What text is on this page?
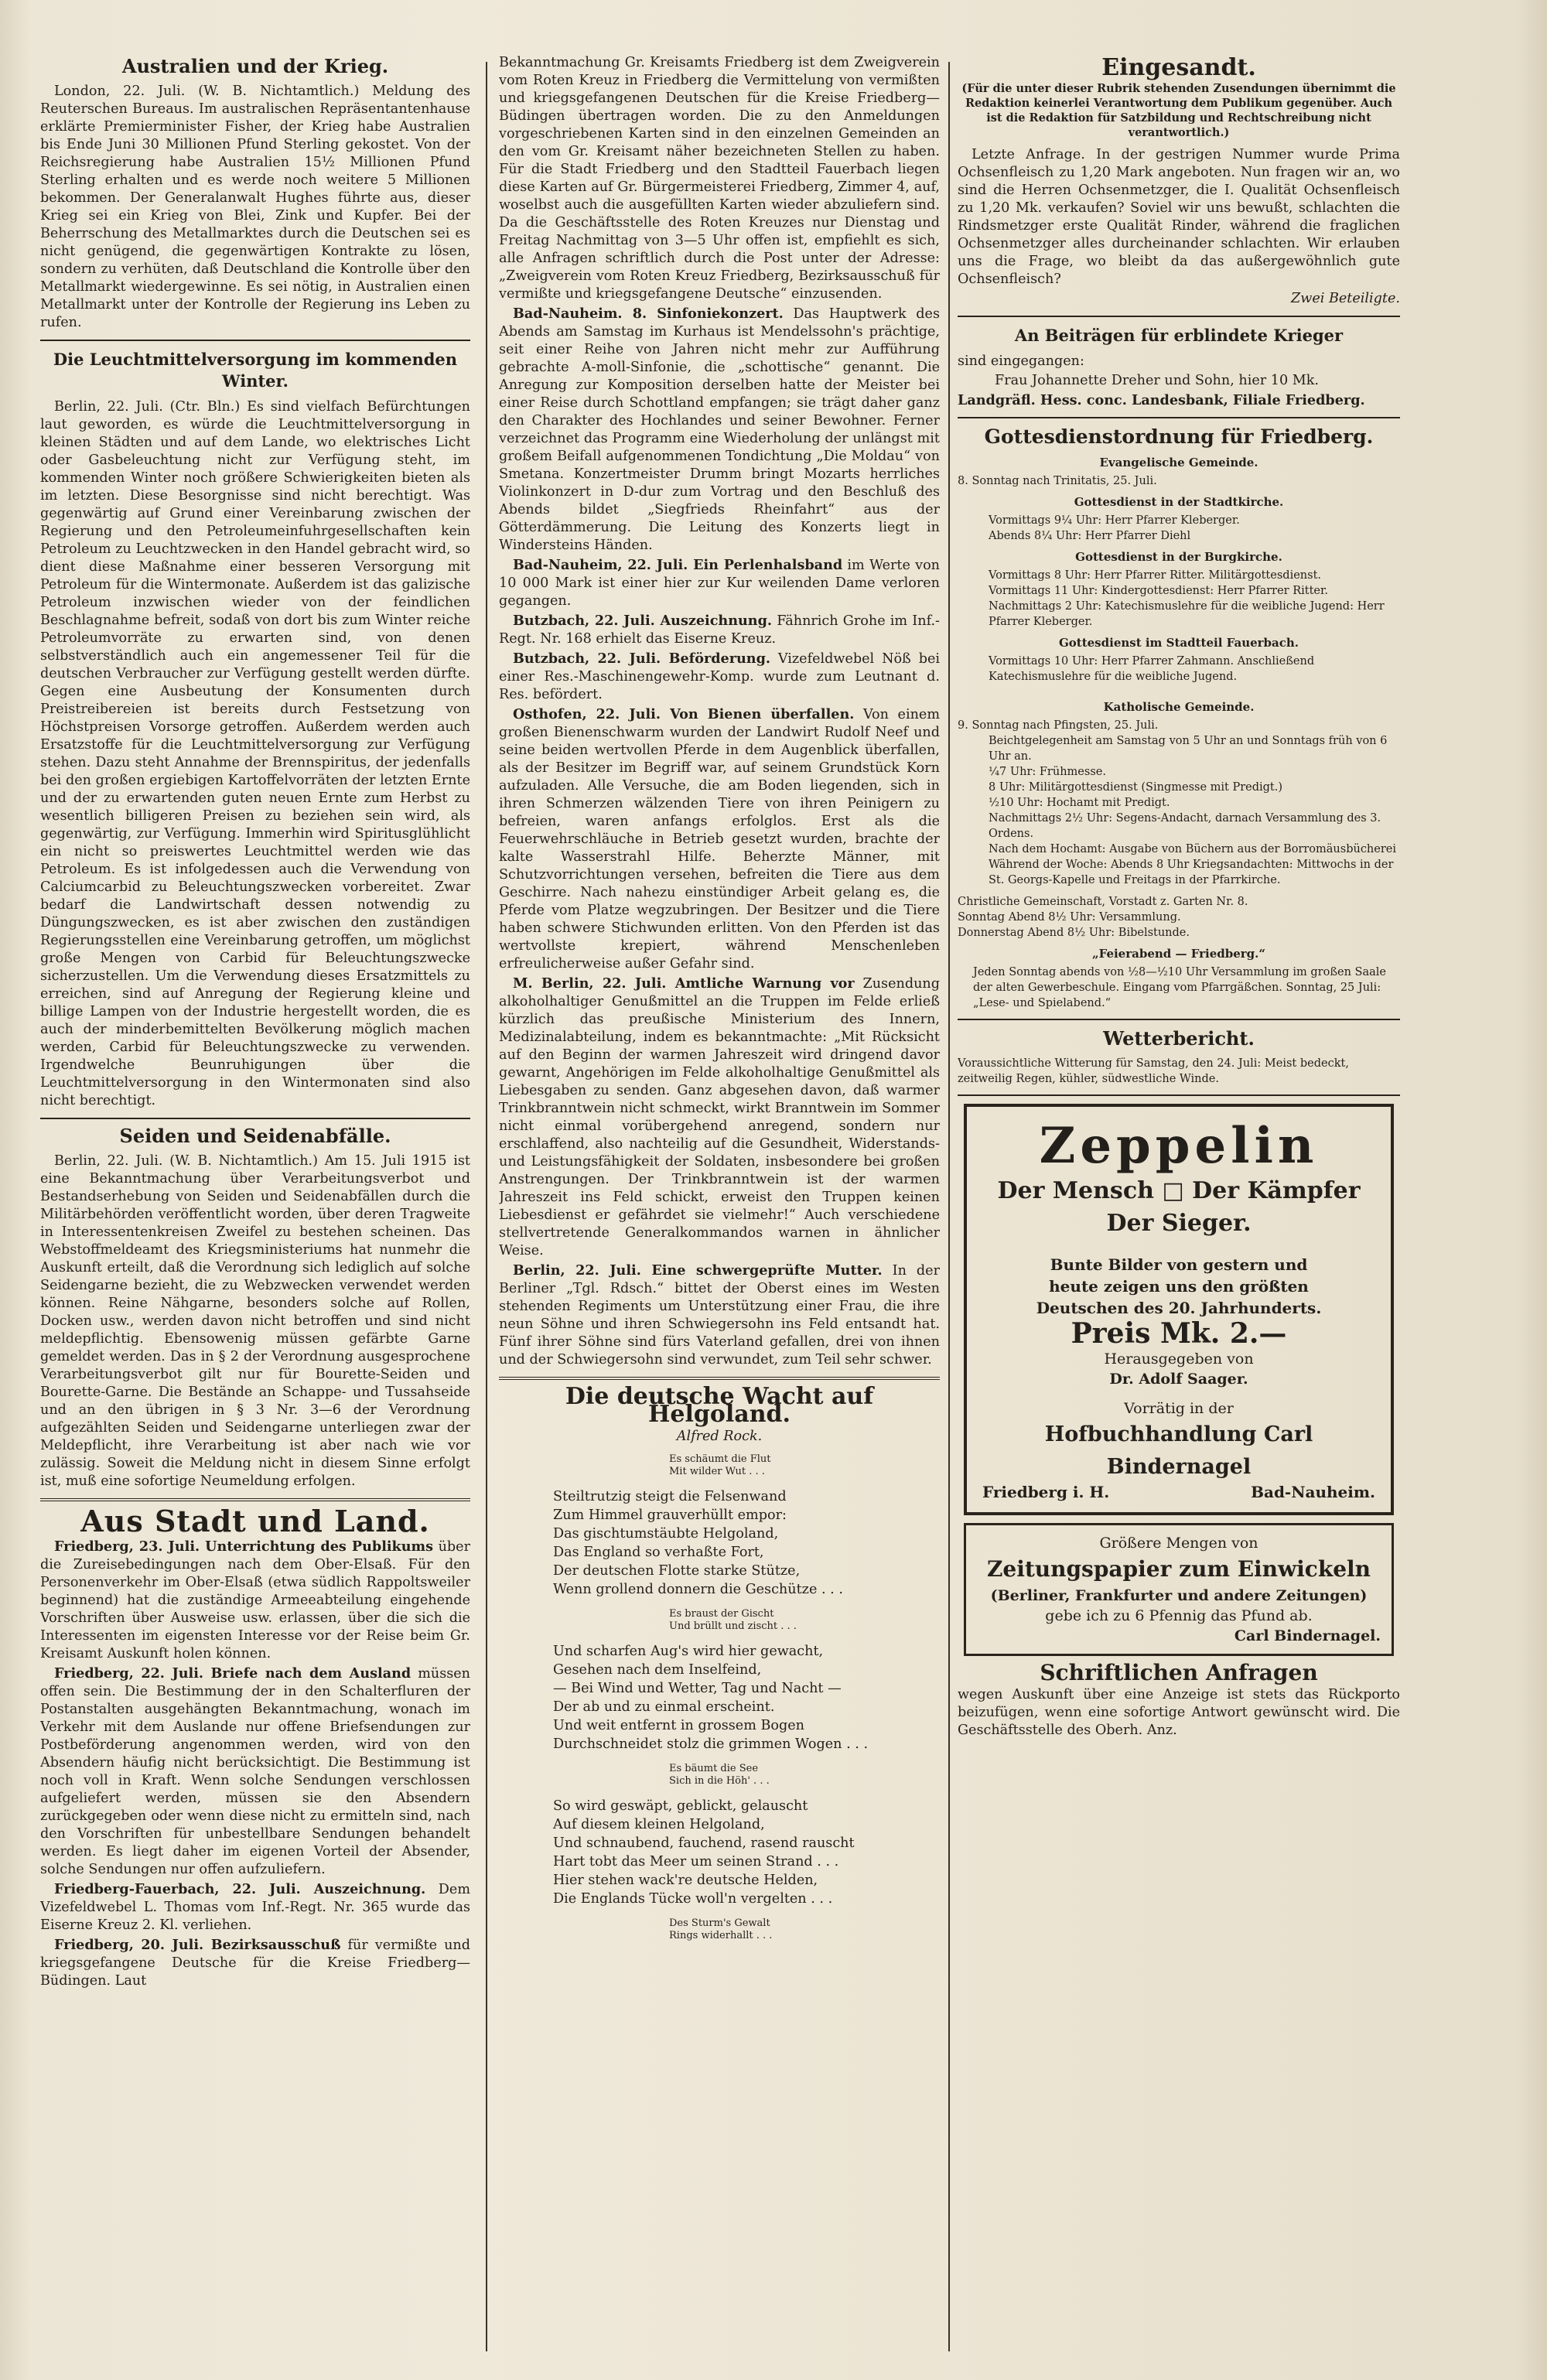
Australien und der Krieg.

London, 22. Juli. (W. B. Nichtamtlich.) Meldung des Reuterschen Bureaus. Im australischen Repräsentantenhause erklärte Premierminister Fisher, der Krieg habe Australien bis Ende Juni 30 Millionen Pfund Sterling gekostet. Von der Reichsregierung habe Australien 15½ Millionen Pfund Sterling erhalten und es werde noch weitere 5 Millionen bekommen. Der Generalanwalt Hughes führte aus, dieser Krieg sei ein Krieg von Blei, Zink und Kupfer. Bei der Beherrschung des Metallmarktes durch die Deutschen sei es nicht genügend, die gegenwärtigen Kontrakte zu lösen, sondern zu verhüten, daß Deutschland die Kontrolle über den Metallmarkt wiedergewinne. Es sei nötig, in Australien einen Metallmarkt unter der Kontrolle der Regierung ins Leben zu rufen.

Die Leuchtmittelversorgung im kommenden Winter.

Berlin, 22. Juli. (Ctr. Bln.) Es sind vielfach Befürchtungen laut geworden, es würde die Leuchtmittelversorgung in kleinen Städten und auf dem Lande, wo elektrisches Licht oder Gasbeleuchtung nicht zur Verfügung steht, im kommenden Winter noch größere Schwierigkeiten bieten als im letzten. Diese Besorgnisse sind nicht berechtigt. Was gegenwärtig auf Grund einer Vereinbarung zwischen der Regierung und den Petroleumeinfuhrgesellschaften kein Petroleum zu Leuchtzwecken in den Handel gebracht wird, so dient diese Maßnahme einer besseren Versorgung mit Petroleum für die Wintermonate. Außerdem ist das galizische Petroleum inzwischen wieder von der feindlichen Beschlagnahme befreit, sodaß von dort bis zum Winter reiche Petroleumvorräte zu erwarten sind, von denen selbstverständlich auch ein angemessener Teil für die deutschen Verbraucher zur Verfügung gestellt werden dürfte. Gegen eine Ausbeutung der Konsumenten durch Preistreibereien ist bereits durch Festsetzung von Höchstpreisen Vorsorge getroffen. Außerdem werden auch Ersatzstoffe für die Leuchtmittelversorgung zur Verfügung stehen. Dazu steht Annahme der Brennspiritus, der jedenfalls bei den großen ergiebigen Kartoffelvorräten der letzten Ernte und der zu erwartenden guten neuen Ernte zum Herbst zu wesentlich billigeren Preisen zu beziehen sein wird, als gegenwärtig, zur Verfügung. Immerhin wird Spiritusglühlicht ein nicht so preiswertes Leuchtmittel werden wie das Petroleum. Es ist infolgedessen auch die Verwendung von Calciumcarbid zu Beleuchtungszwecken vorbereitet. Zwar bedarf die Landwirtschaft dessen notwendig zu Düngungszwecken, es ist aber zwischen den zuständigen Regierungsstellen eine Vereinbarung getroffen, um möglichst große Mengen von Carbid für Beleuchtungszwecke sicherzustellen. Um die Verwendung dieses Ersatzmittels zu erreichen, sind auf Anregung der Regierung kleine und billige Lampen von der Industrie hergestellt worden, die es auch der minderbemittelten Bevölkerung möglich machen werden, Carbid für Beleuchtungszwecke zu verwenden. Irgendwelche Beunruhigungen über die Leuchtmittelversorgung in den Wintermonaten sind also nicht berechtigt.

Seiden und Seidenabfälle.

Berlin, 22. Juli. (W. B. Nichtamtlich.) Am 15. Juli 1915 ist eine Bekanntmachung über Verarbeitungsverbot und Bestandserhebung von Seiden und Seidenabfällen durch die Militärbehörden veröffentlicht worden, über deren Tragweite in Interessentenkreisen Zweifel zu bestehen scheinen. Das Webstoffmeldeamt des Kriegsministeriums hat nunmehr die Auskunft erteilt, daß die Verordnung sich lediglich auf solche Seidengarne bezieht, die zu Webzwecken verwendet werden können. Reine Nähgarne, besonders solche auf Rollen, Docken usw., werden davon nicht betroffen und sind nicht meldepflichtig. Ebensowenig müssen gefärbte Garne gemeldet werden. Das in § 2 der Verordnung ausgesprochene Verarbeitungsverbot gilt nur für Bourette-Seiden und Bourette-Garne. Die Bestände an Schappe- und Tussahseide und an den übrigen in § 3 Nr. 3—6 der Verordnung aufgezählten Seiden und Seidengarne unterliegen zwar der Meldepflicht, ihre Verarbeitung ist aber nach wie vor zulässig. Soweit die Meldung nicht in diesem Sinne erfolgt ist, muß eine sofortige Neumeldung erfolgen.

Aus Stadt und Land.

Friedberg, 23. Juli. Unterrichtung des Publikums über die Zureisebedingungen nach dem Ober-Elsaß. Für den Personenverkehr im Ober-Elsaß (etwa südlich Rappoltsweiler beginnend) hat die zuständige Armeeabteilung eingehende Vorschriften über Ausweise usw. erlassen, über die sich die Interessenten im eigensten Interesse vor der Reise beim Gr. Kreisamt Auskunft holen können.

Friedberg, 22. Juli. Briefe nach dem Ausland müssen offen sein. Die Bestimmung der in den Schalterfluren der Postanstalten ausgehängten Bekanntmachung, wonach im Verkehr mit dem Auslande nur offene Briefsendungen zur Postbeförderung angenommen werden, wird von den Absendern häufig nicht berücksichtigt. Die Bestimmung ist noch voll in Kraft. Wenn solche Sendungen verschlossen aufgeliefert werden, müssen sie den Absendern zurückgegeben oder wenn diese nicht zu ermitteln sind, nach den Vorschriften für unbestellbare Sendungen behandelt werden. Es liegt daher im eigenen Vorteil der Absender, solche Sendungen nur offen aufzuliefern.

Friedberg-Fauerbach, 22. Juli. Auszeichnung. Dem Vizefeldwebel L. Thomas vom Inf.-Regt. Nr. 365 wurde das Eiserne Kreuz 2. Kl. verliehen.

Friedberg, 20. Juli. Bezirksausschuß für vermißte und kriegsgefangene Deutsche für die Kreise Friedberg—Büdingen. Laut

Bekanntmachung Gr. Kreisamts Friedberg ist dem Zweigverein vom Roten Kreuz in Friedberg die Vermittelung von vermißten und kriegsgefangenen Deutschen für die Kreise Friedberg—Büdingen übertragen worden. Die zu den Anmeldungen vorgeschriebenen Karten sind in den einzelnen Gemeinden an den vom Gr. Kreisamt näher bezeichneten Stellen zu haben. Für die Stadt Friedberg und den Stadtteil Fauerbach liegen diese Karten auf Gr. Bürgermeisterei Friedberg, Zimmer 4, auf, woselbst auch die ausgefüllten Karten wieder abzuliefern sind. Da die Geschäftsstelle des Roten Kreuzes nur Dienstag und Freitag Nachmittag von 3—5 Uhr offen ist, empfiehlt es sich, alle Anfragen schriftlich durch die Post unter der Adresse: „Zweigverein vom Roten Kreuz Friedberg, Bezirksausschuß für vermißte und kriegsgefangene Deutsche“ einzusenden.

Bad-Nauheim. 8. Sinfoniekonzert. Das Hauptwerk des Abends am Samstag im Kurhaus ist Mendelssohn's prächtige, seit einer Reihe von Jahren nicht mehr zur Aufführung gebrachte A-moll-Sinfonie, die „schottische“ genannt. Die Anregung zur Komposition derselben hatte der Meister bei einer Reise durch Schottland empfangen; sie trägt daher ganz den Charakter des Hochlandes und seiner Bewohner. Ferner verzeichnet das Programm eine Wiederholung der unlängst mit großem Beifall aufgenommenen Tondichtung „Die Moldau“ von Smetana. Konzertmeister Drumm bringt Mozarts herrliches Violinkonzert in D-dur zum Vortrag und den Beschluß des Abends bildet „Siegfrieds Rheinfahrt“ aus der Götterdämmerung. Die Leitung des Konzerts liegt in Windersteins Händen.

Bad-Nauheim, 22. Juli. Ein Perlenhalsband im Werte von 10 000 Mark ist einer hier zur Kur weilenden Dame verloren gegangen.

Butzbach, 22. Juli. Auszeichnung. Fähnrich Grohe im Inf.-Regt. Nr. 168 erhielt das Eiserne Kreuz.

Butzbach, 22. Juli. Beförderung. Vizefeldwebel Nöß bei einer Res.-Maschinengewehr-Komp. wurde zum Leutnant d. Res. befördert.

Osthofen, 22. Juli. Von Bienen überfallen. Von einem großen Bienenschwarm wurden der Landwirt Rudolf Neef und seine beiden wertvollen Pferde in dem Augenblick überfallen, als der Besitzer im Begriff war, auf seinem Grundstück Korn aufzuladen. Alle Versuche, die am Boden liegenden, sich in ihren Schmerzen wälzenden Tiere von ihren Peinigern zu befreien, waren anfangs erfolglos. Erst als die Feuerwehrschläuche in Betrieb gesetzt wurden, brachte der kalte Wasserstrahl Hilfe. Beherzte Männer, mit Schutzvorrichtungen versehen, befreiten die Tiere aus dem Geschirre. Nach nahezu einstündiger Arbeit gelang es, die Pferde vom Platze wegzubringen. Der Besitzer und die Tiere haben schwere Stichwunden erlitten. Von den Pferden ist das wertvollste krepiert, während Menschenleben erfreulicherweise außer Gefahr sind.

M. Berlin, 22. Juli. Amtliche Warnung vor Zusendung alkoholhaltiger Genußmittel an die Truppen im Felde erließ kürzlich das preußische Ministerium des Innern, Medizinalabteilung, indem es bekanntmachte: „Mit Rücksicht auf den Beginn der warmen Jahreszeit wird dringend davor gewarnt, Angehörigen im Felde alkoholhaltige Genußmittel als Liebesgaben zu senden. Ganz abgesehen davon, daß warmer Trinkbranntwein nicht schmeckt, wirkt Branntwein im Sommer nicht einmal vorübergehend anregend, sondern nur erschlaffend, also nachteilig auf die Gesundheit, Widerstands- und Leistungsfähigkeit der Soldaten, insbesondere bei großen Anstrengungen. Der Trinkbranntwein ist der warmen Jahreszeit ins Feld schickt, erweist den Truppen keinen Liebesdienst er gefährdet sie vielmehr!“ Auch verschiedene stellvertretende Generalkommandos warnen in ähnlicher Weise.

Berlin, 22. Juli. Eine schwergeprüfte Mutter. In der Berliner „Tgl. Rdsch.“ bittet der Oberst eines im Westen stehenden Regiments um Unterstützung einer Frau, die ihre neun Söhne und ihren Schwiegersohn ins Feld entsandt hat. Fünf ihrer Söhne sind fürs Vaterland gefallen, drei von ihnen und der Schwiegersohn sind verwundet, zum Teil sehr schwer.

Die deutsche Wacht auf Helgoland.
Alfred Rock.
Es schäumt die Flut
Mit wilder Wut . . .
Steiltrutzig steigt die Felsenwand
Zum Himmel grauverhüllt empor:
Das gischtumstäubte Helgoland,
Das England so verhaßte Fort,
Der deutschen Flotte starke Stütze,
Wenn grollend donnern die Geschütze . . .
Es braust der Gischt
Und brüllt und zischt . . .
Und scharfen Aug's wird hier gewacht,
Gesehen nach dem Inselfeind,
— Bei Wind und Wetter, Tag und Nacht —
Der ab und zu einmal erscheint.
Und weit entfernt in grossem Bogen
Durchschneidet stolz die grimmen Wogen . . .
Es bäumt die See
Sich in die Höh' . . .
So wird geswäpt, geblickt, gelauscht
Auf diesem kleinen Helgoland,
Und schnaubend, fauchend, rasend rauscht
Hart tobt das Meer um seinen Strand . . .
Hier stehen wack're deutsche Helden,
Die Englands Tücke woll'n vergelten . . .
Des Sturm's Gewalt
Rings widerhallt . . .
Eingesandt.
(Für die unter dieser Rubrik stehenden Zusendungen übernimmt die Redaktion keinerlei Verantwortung dem Publikum gegenüber. Auch ist die Redaktion für Satzbildung und Rechtschreibung nicht verantwortlich.)

Letzte Anfrage. In der gestrigen Nummer wurde Prima Ochsenfleisch zu 1,20 Mark angeboten. Nun fragen wir an, wo sind die Herren Ochsenmetzger, die I. Qualität Ochsenfleisch zu 1,20 Mk. verkaufen? Soviel wir uns bewußt, schlachten die Rindsmetzger erste Qualität Rinder, während die fraglichen Ochsenmetzger alles durcheinander schlachten. Wir erlauben uns die Frage, wo bleibt da das außergewöhnlich gute Ochsenfleisch?

Zwei Beteiligte.
An Beiträgen für erblindete Krieger

sind eingegangen:

Frau Johannette Dreher und Sohn, hier 10 Mk.

Landgräfl. Hess. conc. Landesbank, Filiale Friedberg.

Gottesdienstordnung für Friedberg.
Evangelische Gemeinde.
8. Sonntag nach Trinitatis, 25. Juli.
Gottesdienst in der Stadtkirche.
Vormittags 9¼ Uhr: Herr Pfarrer Kleberger.
Abends 8¼ Uhr: Herr Pfarrer Diehl
Gottesdienst in der Burgkirche.
Vormittags 8 Uhr: Herr Pfarrer Ritter. Militärgottesdienst.
Vormittags 11 Uhr: Kindergottesdienst: Herr Pfarrer Ritter.
Nachmittags 2 Uhr: Katechismuslehre für die weibliche Jugend: Herr Pfarrer Kleberger.
Gottesdienst im Stadtteil Fauerbach.
Vormittags 10 Uhr: Herr Pfarrer Zahmann. Anschließend Katechismuslehre für die weibliche Jugend.
Katholische Gemeinde.
9. Sonntag nach Pfingsten, 25. Juli.
Beichtgelegenheit am Samstag von 5 Uhr an und Sonntags früh von 6 Uhr an.
¼7 Uhr: Frühmesse.
8 Uhr: Militärgottesdienst (Singmesse mit Predigt.)
½10 Uhr: Hochamt mit Predigt.
Nachmittags 2½ Uhr: Segens-Andacht, darnach Versammlung des 3. Ordens.
Nach dem Hochamt: Ausgabe von Büchern aus der Borromäusbücherei
Während der Woche: Abends 8 Uhr Kriegsandachten: Mittwochs in der St. Georgs-Kapelle und Freitags in der Pfarrkirche.
Christliche Gemeinschaft, Vorstadt z. Garten Nr. 8.
Sonntag Abend 8½ Uhr: Versammlung.
Donnerstag Abend 8½ Uhr: Bibelstunde.
„Feierabend — Friedberg.“
Jeden Sonntag abends von ½8—½10 Uhr Versammlung im großen Saale der alten Gewerbeschule. Eingang vom Pfarrgäßchen. Sonntag, 25 Juli: „Lese- und Spielabend.“
Wetterbericht.
Voraussichtliche Witterung für Samstag, den 24. Juli: Meist bedeckt, zeitweilig Regen, kühler, südwestliche Winde.
Zeppelin
Der Mensch □ Der Kämpfer
Der Sieger.
Bunte Bilder von gestern und
heute zeigen uns den größten
Deutschen des 20. Jahrhunderts.
Preis Mk. 2.—
Herausgegeben von
Dr. Adolf Saager.
Vorrätig in der
Hofbuchhandlung Carl Bindernagel
Friedberg i. H.	Bad-Nauheim.
Größere Mengen von
Zeitungspapier zum Einwickeln
(Berliner, Frankfurter und andere Zeitungen)
gebe ich zu 6 Pfennig das Pfund ab.
Carl Bindernagel.
Schriftlichen Anfragen

wegen Auskunft über eine Anzeige ist stets das Rückporto beizufügen, wenn eine sofortige Antwort gewünscht wird. Die Geschäftsstelle des Oberh. Anz.
